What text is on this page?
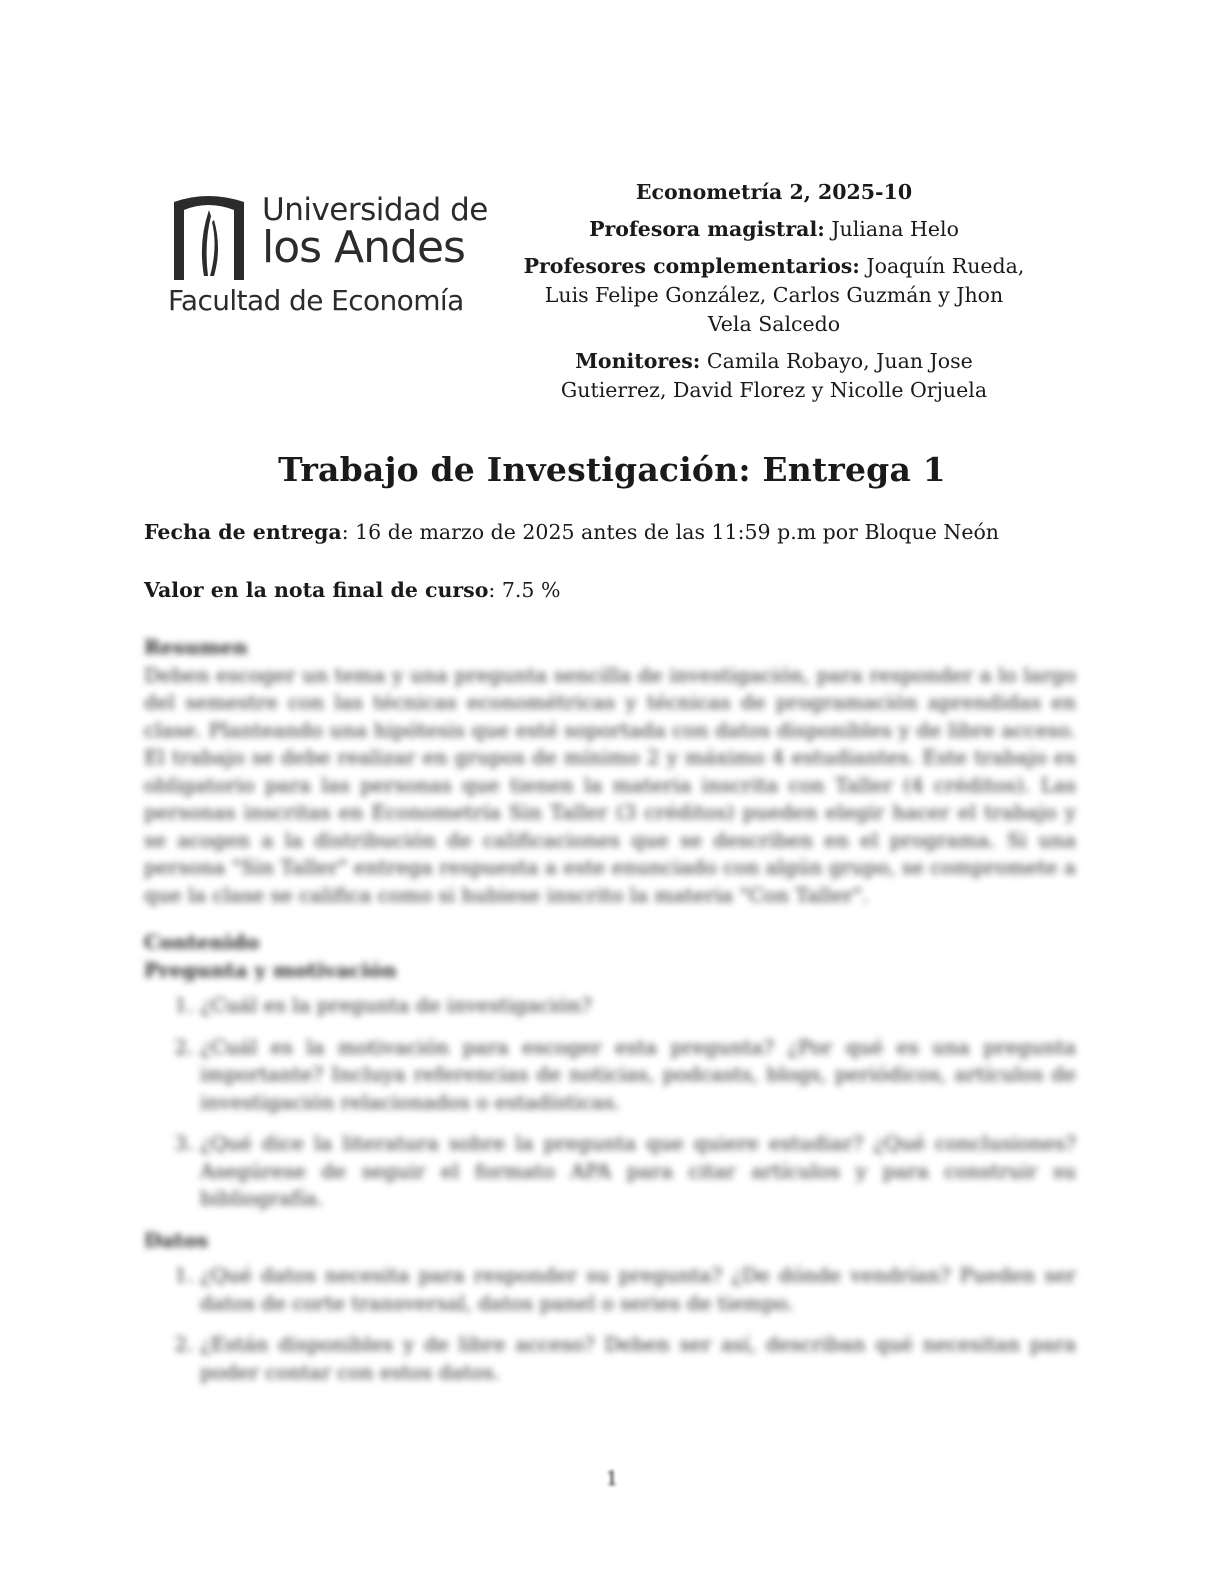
Universidad de
los Andes
Facultad de Economía

Econometría 2, 2025-10

Profesora magistral: Juliana Helo

Profesores complementarios: Joaquín Rueda, Luis Felipe González, Carlos Guzmán y Jhon Vela Salcedo

Monitores: Camila Robayo, Juan Jose Gutierrez, David Florez y Nicolle Orjuela

Trabajo de Investigación: Entrega 1
Fecha de entrega: 16 de marzo de 2025 antes de las 11:59 p.m por Bloque Neón
Valor en la nota final de curso: 7.5 %
Resumen

Deben escoger un tema y una pregunta sencilla de investigación, para responder a lo largo del semestre con las técnicas econométricas y técnicas de programación aprendidas en clase. Planteando una hipótesis que esté soportada con datos disponibles y de libre acceso. El trabajo se debe realizar en grupos de mínimo 2 y máximo 4 estudiantes. Este trabajo es obligatorio para las personas que tienen la materia inscrita con Taller (4 créditos). Las personas inscritas en Econometría Sin Taller (3 créditos) pueden elegir hacer el trabajo y se acogen a la distribución de calificaciones que se describen en el programa. Si una persona "Sin Taller" entrega respuesta a este enunciado con algún grupo, se compromete a que la clase se califica como si hubiese inscrito la materia "Con Taller".

Contenido
Pregunta y motivación
1. ¿Cuál es la pregunta de investigación?
2. ¿Cuál es la motivación para escoger esta pregunta? ¿Por qué es una pregunta importante? Incluya referencias de noticias, podcasts, blogs, periódicos, artículos de investigación relacionados o estadísticas.
3. ¿Qué dice la literatura sobre la pregunta que quiere estudiar? ¿Qué conclusiones? Asegúrese de seguir el formato APA para citar artículos y para construir su bibliografía.
Datos
1. ¿Qué datos necesita para responder su pregunta? ¿De dónde vendrían? Pueden ser datos de corte transversal, datos panel o series de tiempo.
2. ¿Están disponibles y de libre acceso? Deben ser así, describan qué necesitan para poder contar con estos datos.
1
